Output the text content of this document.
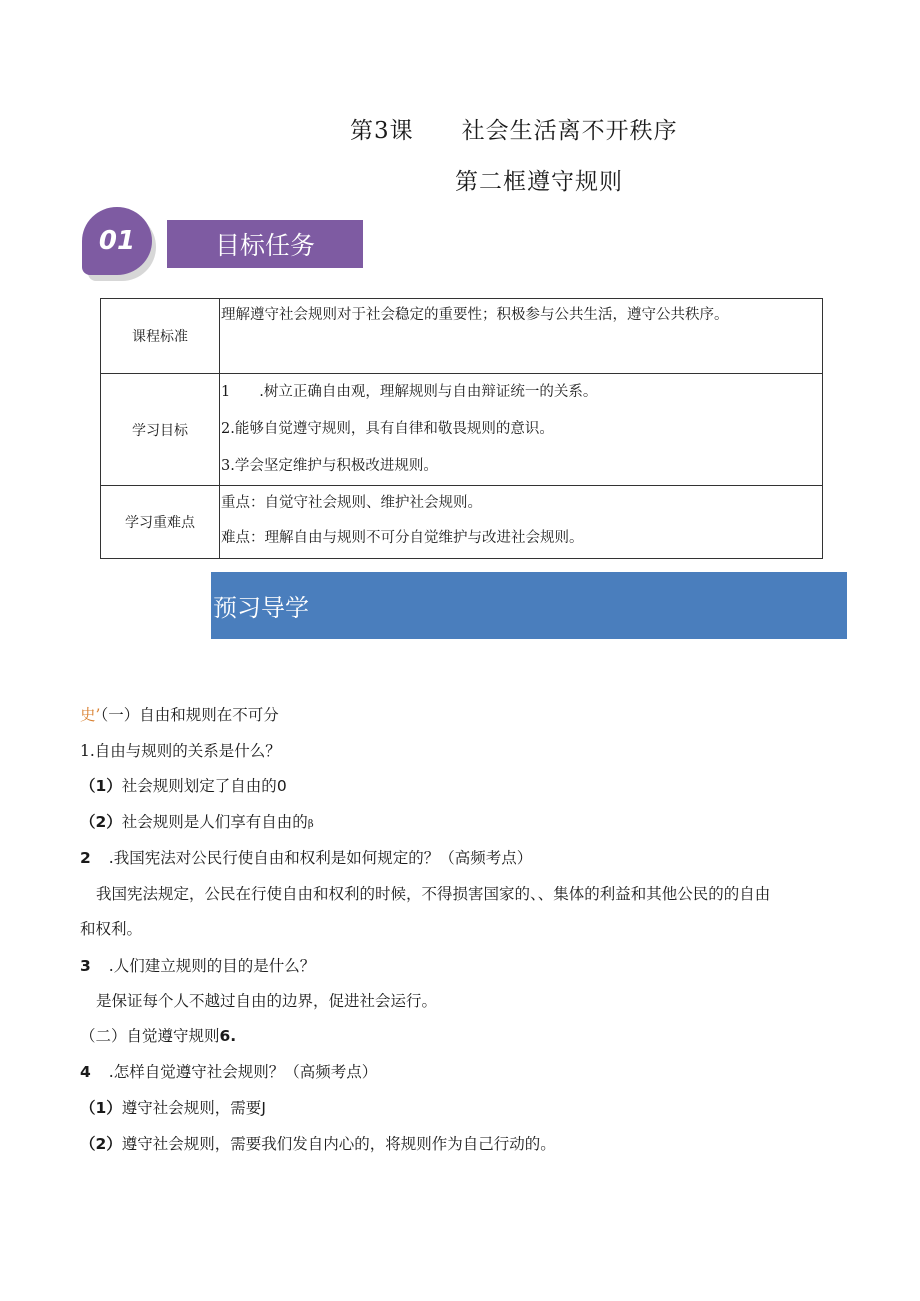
第3课 社会生活离不开秩序
第二框遵守规则
01	目标任务
课程标准	理解遵守社会规则对于社会稳定的重要性；积极参与公共生活，遵守公共秩序。

学习目标	1　　.树立正确自由观，理解规则与自由辩证统一的关系。
2.能够自觉遵守规则，具有自律和敬畏规则的意识。
3.学会坚定维护与积极改进规则。

学习重难点	重点：自觉守社会规则、维护社会规则。
难点：理解自由与规则不可分自觉维护与改进社会规则。
预习导学
史’（一）自由和规则在不可分
1.自由与规则的关系是什么？
（1）社会规则划定了自由的0
（2）社会规则是人们享有自由的β
2 .我国宪法对公民行使自由和权利是如何规定的？（高频考点）
我国宪法规定，公民在行使自由和权利的时候，不得损害国家的、、集体的利益和其他公民的的自由
和权利。
3 .人们建立规则的目的是什么？
是保证每个人不越过自由的边界，促进社会运行。
（二）自觉遵守规则6.
4 .怎样自觉遵守社会规则？（高频考点）
（1）遵守社会规则，需要J
（2）遵守社会规则，需要我们发自内心的，将规则作为自己行动的。
